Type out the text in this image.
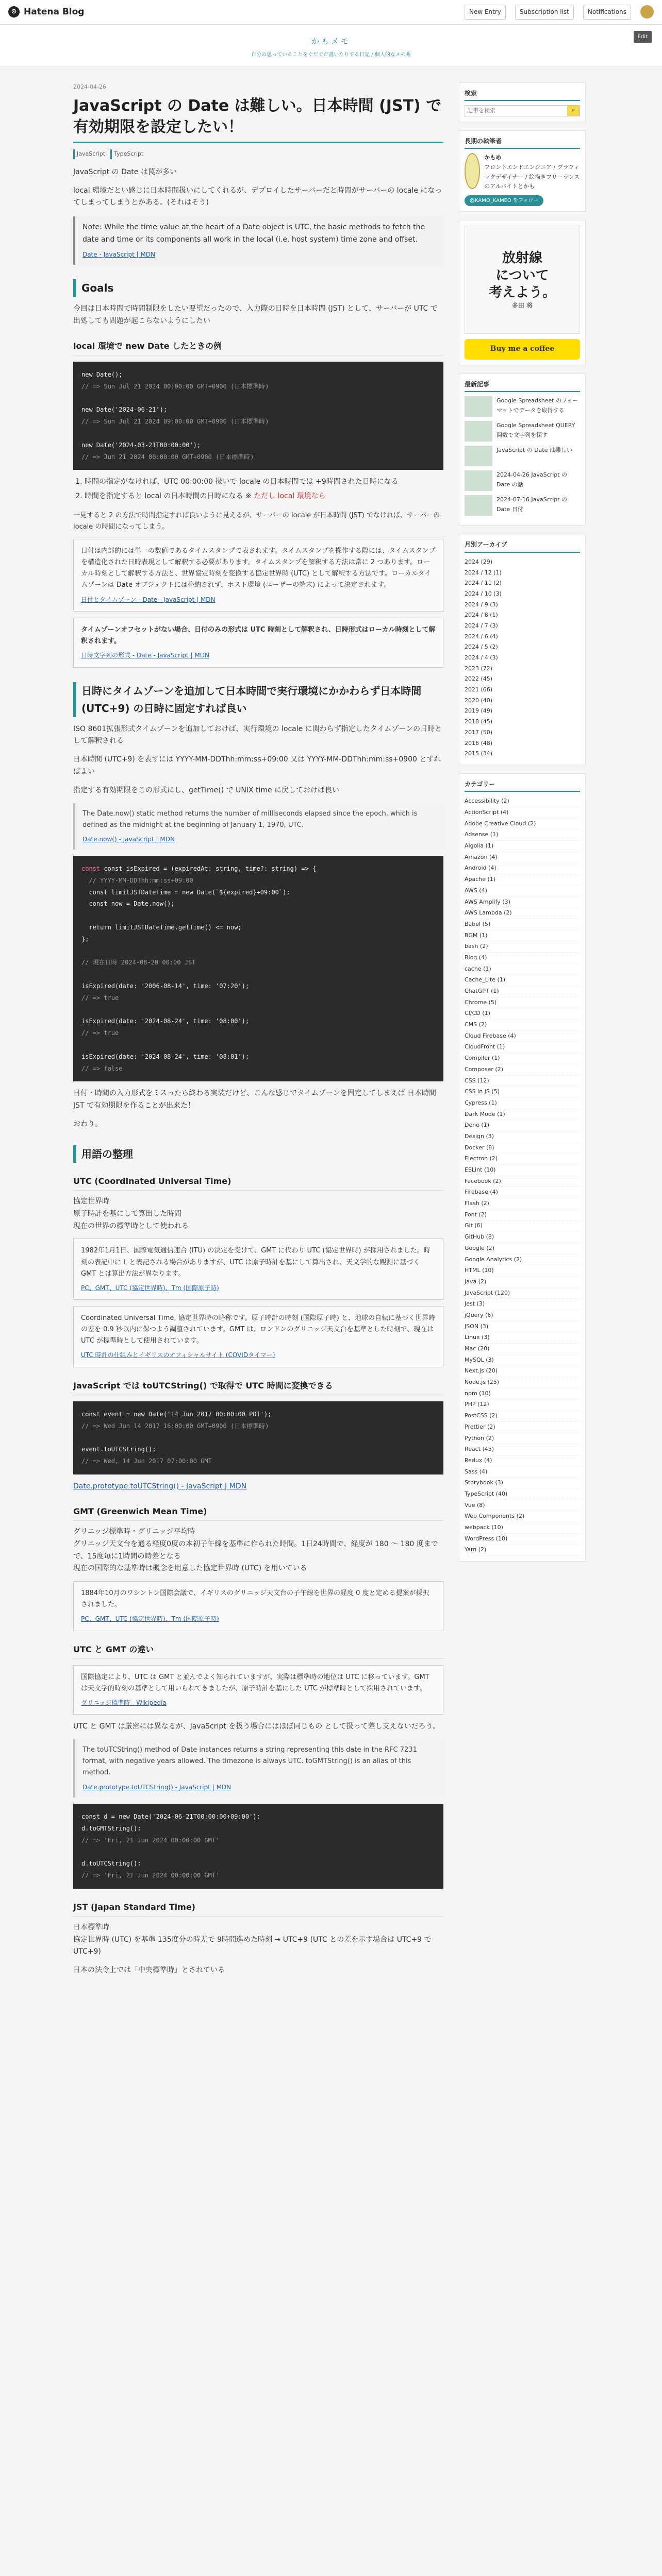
⊙ Hatena Blog	New Entry	Subscription list	Notifications
かもメモ
自分の思っていることをぐだぐだ書いたりする日記 / 個人的なメモ帳
Edit
2024-04-26
JavaScript の Date は難しい。日本時間 (JST) で有効期限を設定したい！
JavaScript	TypeScript

JavaScript の Date は罠が多い

local 環境だとい感じに日本時間扱いにしてくれるが、デプロイしたサーバーだと時間がサーバーの locale になってしまってしまうとかある。(それはそう)

Note: While the time value at the heart of a Date object is UTC, the basic methods to fetch the date and time or its components all work in the local (i.e. host system) time zone and offset.
Date - JavaScript | MDN
Goals

今回は日本時間で時間制限をしたい要望だったので、入力際の日時を日本時間 (JST) として、サーバーが UTC で出処しても問題が起こらないようにしたい

local 環境で new Date したときの例
new Date();
// => Sun Jul 21 2024 00:00:00 GMT+0900 (日本標準時)

new Date('2024-06-21');
// => Sun Jul 21 2024 09:00:00 GMT+0900 (日本標準時)

new Date('2024-03-21T00:00:00');
// => Jun 21 2024 00:00:00 GMT+0900 (日本標準時)
1. 時間の指定がなければ、UTC 00:00:00 扱いで locale の日本時間では +9時間された日時になる
2. 時間を指定すると local の日本時間の日時になる ※ ただし local 環境なら

一見すると 2 の方法で時間指定すれば良いように見えるが、サーバーの locale が日本時間 (JST) でなければ、サーバーの locale の時間になってしまう。

日付は内部的には単一の数値であるタイムスタンプで表されます。タイムスタンプを操作する際には、タイムスタンプを構造化された日時表現として解釈する必要があります。タイムスタンプを解釈する方法は常に 2 つあります。ローカル時刻として解釈する方法と、世界協定時刻を変換する協定世界時 (UTC) として解釈する方法です。ローカルタイムゾーンは Date オブジェクトには格納されず、ホスト環境 (ユーザーの端末) によって決定されます。
日付とタイムゾーン - Date - JavaScript | MDN
タイムゾーンオフセットがない場合、日付のみの形式は UTC 時刻として解釈され、日時形式はローカル時刻として解釈されます。
日時文字列の形式 - Date - JavaScript | MDN
日時にタイムゾーンを追加して日本時間で実行環境にかかわらず日本時間 (UTC+9) の日時に固定すれば良い

ISO 8601拡張形式タイムゾーンを追加しておけば、実行環境の locale に関わらず指定したタイムゾーンの日時として解釈される

日本時間 (UTC+9) を表すには YYYY-MM-DDThh:mm:ss+09:00 又は YYYY-MM-DDThh:mm:ss+0900 とすればよい

指定する有効期限をこの形式にし、getTime() で UNIX time に戻しておけば良い

The Date.now() static method returns the number of milliseconds elapsed since the epoch, which is defined as the midnight at the beginning of January 1, 1970, UTC.
Date.now() - JavaScript | MDN
const const isExpired = (expiredAt: string, time?: string) => {
// YYYY-MM-DDThh:mm:ss+09:00
const limitJSTDateTime = new Date(`${expired}+09:00`);
const now = Date.now();

return limitJSTDateTime.getTime() <= now;
};

// 現在日時 2024-08-20 00:00 JST

isExpired(date: '2006-08-14', time: '07:20');
// => true

isExpired(date: '2024-08-24', time: '08:00');
// => true

isExpired(date: '2024-08-24', time: '08:01');
// => false

日付・時間の入力形式をミスったら終わる実装だけど、こんな感じでタイムゾーンを固定してしまえば 日本時間 JST で有効期限を作ることが出来た！

おわり。

用語の整理
UTC (Coordinated Universal Time)

協定世界時
原子時計を基にして算出した時間
現在の世界の標準時として使われる

1982年1月1日、国際電気通信連合 (ITU) の決定を受けて、GMT に代わり UTC (協定世界時) が採用されました。時刻の表記中に L と表記される場合がありますが、UTC は原子時計を基にして算出され、天文学的な観測に基づく GMT とは算出方法が異なります。
PC、GMT、UTC (協定世界時)、Tm (国際原子時)
Coordinated Universal Time, 協定世界時の略称です。原子時計の時刻 (国際原子時) と、地球の自転に基づく世界時の差を 0.9 秒以内に保つよう調整されています。GMT は、ロンドンのグリニッジ天文台を基準とした時刻で、現在は UTC が標準時として使用されています。
UTC 時計の仕組みとイギリスのオフィシャルサイト (COVIDタイマー)
JavaScript では toUTCString() で取得で UTC 時間に変換できる
const event = new Date('14 Jun 2017 00:00:00 PDT');
// => Wed Jun 14 2017 16:00:00 GMT+0900 (日本標準時)

event.toUTCString();
// => Wed, 14 Jun 2017 07:00:00 GMT

Date.prototype.toUTCString() - JavaScript | MDN

GMT (Greenwich Mean Time)

グリニッジ標準時・グリニッジ平均時
グリニッジ天文台を通る経度0度の本初子午線を基準に作られた時間。1日24時間で、経度が 180 〜 180 度までで、15度毎に1時間の時差となる
現在の国際的な基準時は概念を用意した協定世界時 (UTC) を用いている

1884年10月のワシントン国際会議で、イギリスのグリニッジ天文台の子午線を世界の経度 0 度と定める提案が採択されました。
PC、GMT、UTC (協定世界時)、Tm (国際原子時)
UTC と GMT の違い
国際協定により、UTC は GMT と並んでよく知られていますが、実際は標準時の地位は UTC に移っています。GMT は天文学的時刻の基準として用いられてきましたが、原子時計を基にした UTC が標準時として採用されています。
グリニッジ標準時 - Wikipedia

UTC と GMT は厳密には異なるが、JavaScript を扱う場合にはほぼ同じもの として扱って差し支えないだろう。

The toUTCString() method of Date instances returns a string representing this date in the RFC 7231 format, with negative years allowed. The timezone is always UTC. toGMTString() is an alias of this method.
Date.prototype.toUTCString() - JavaScript | MDN
const d = new Date('2024-06-21T00:00:00+09:00');
d.toGMTString();
// => 'Fri, 21 Jun 2024 00:00:00 GMT'

d.toUTCString();
// => 'Fri, 21 Jun 2024 00:00:00 GMT'
JST (Japan Standard Time)

日本標準時
協定世界時 (UTC) を基準 135度分の時差で 9時間進めた時刻 → UTC+9 (UTC との差を示す場合は UTC+9 で UTC+9)

日本の法令上では「中央標準時」とされている

検索
記事を検索
⌕
長期の執筆者
かもめ
フロントエンドエンジニア / グラフィックデザイナー / 絵描きフリーランスのアルバイトとかも
@KAMO_KAMEO をフォロー
放射線
について
考えよう。
多田 将
Buy me a coffee
最新記事
Google Spreadsheet のフォーマットでデータを取得する
Google Spreadsheet QUERY 関数で文字列を探す
JavaScript の Date は難しい
2024-04-26 JavaScript の Date の話
2024-07-16 JavaScript の Date 日付
月別アーカイブ
2024 (29)
2024 / 12 (1)
2024 / 11 (2)
2024 / 10 (3)
2024 / 9 (3)
2024 / 8 (1)
2024 / 7 (3)
2024 / 6 (4)
2024 / 5 (2)
2024 / 4 (3)
2023 (72)
2022 (45)
2021 (66)
2020 (40)
2019 (49)
2018 (45)
2017 (50)
2016 (48)
2015 (34)
カテゴリー
Accessibility (2)
ActionScript (4)
Adobe Creative Cloud (2)
Adsense (1)
Algolia (1)
Amazon (4)
Android (4)
Apache (1)
AWS (4)
AWS Amplify (3)
AWS Lambda (2)
Babel (5)
BGM (1)
bash (2)
Blog (4)
cache (1)
Cache_Lite (1)
ChatGPT (1)
Chrome (5)
CI/CD (1)
CMS (2)
Cloud Firebase (4)
CloudFront (1)
Compiler (1)
Composer (2)
CSS (12)
CSS in JS (5)
Cypress (1)
Dark Mode (1)
Deno (1)
Design (3)
Docker (8)
Electron (2)
ESLint (10)
Facebook (2)
Firebase (4)
Flash (2)
Font (2)
Git (6)
GitHub (8)
Google (2)
Google Analytics (2)
HTML (10)
Java (2)
JavaScript (120)
Jest (3)
jQuery (6)
JSON (3)
Linux (3)
Mac (20)
MySQL (3)
Next.js (20)
Node.js (25)
npm (10)
PHP (12)
PostCSS (2)
Prettier (2)
Python (2)
React (45)
Redux (4)
Sass (4)
Storybook (3)
TypeScript (40)
Vue (8)
Web Components (2)
webpack (10)
WordPress (10)
Yarn (2)
